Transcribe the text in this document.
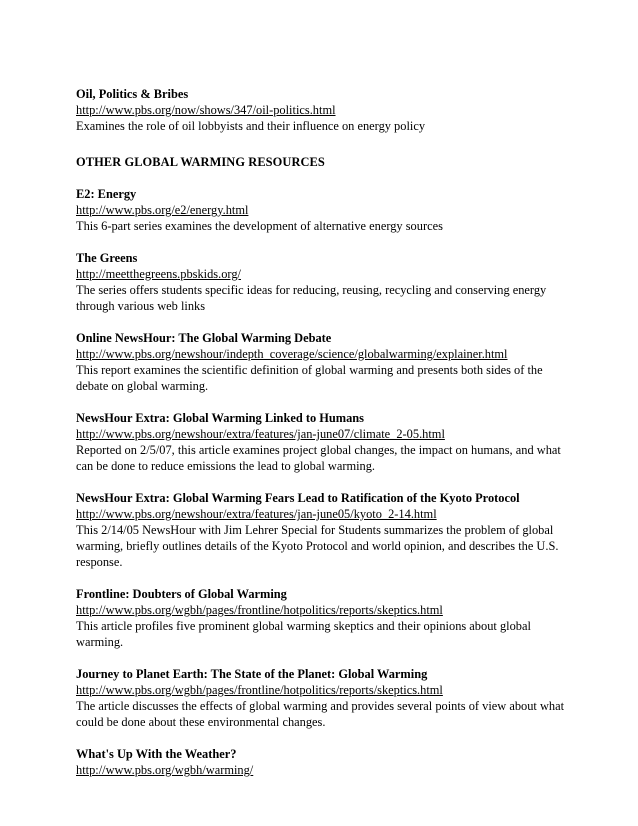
Oil, Politics & Bribes
http://www.pbs.org/now/shows/347/oil-politics.html
Examines the role of oil lobbyists and their influence on energy policy
OTHER GLOBAL WARMING RESOURCES
E2: Energy
http://www.pbs.org/e2/energy.html
This 6-part series examines the development of alternative energy sources
The Greens
http://meetthegreens.pbskids.org/
The series offers students specific ideas for reducing, reusing, recycling and conserving energy through various web links
Online NewsHour: The Global Warming Debate
http://www.pbs.org/newshour/indepth_coverage/science/globalwarming/explainer.html
This report examines the scientific definition of global warming and presents both sides of the debate on global warming.
NewsHour Extra: Global Warming Linked to Humans
http://www.pbs.org/newshour/extra/features/jan-june07/climate_2-05.html
Reported on 2/5/07, this article examines project global changes, the impact on humans, and what can be done to reduce emissions the lead to global warming.
NewsHour Extra: Global Warming Fears Lead to Ratification of the Kyoto Protocol
http://www.pbs.org/newshour/extra/features/jan-june05/kyoto_2-14.html
This 2/14/05 NewsHour with Jim Lehrer Special for Students summarizes the problem of global warming, briefly outlines details of the Kyoto Protocol and world opinion, and describes the U.S. response.
Frontline: Doubters of Global Warming
http://www.pbs.org/wgbh/pages/frontline/hotpolitics/reports/skeptics.html
This article profiles five prominent global warming skeptics and their opinions about global warming.
Journey to Planet Earth: The State of the Planet: Global Warming
http://www.pbs.org/wgbh/pages/frontline/hotpolitics/reports/skeptics.html
The article discusses the effects of global warming and provides several points of view about what could be done about these environmental changes.
What's Up With the Weather?
http://www.pbs.org/wgbh/warming/
